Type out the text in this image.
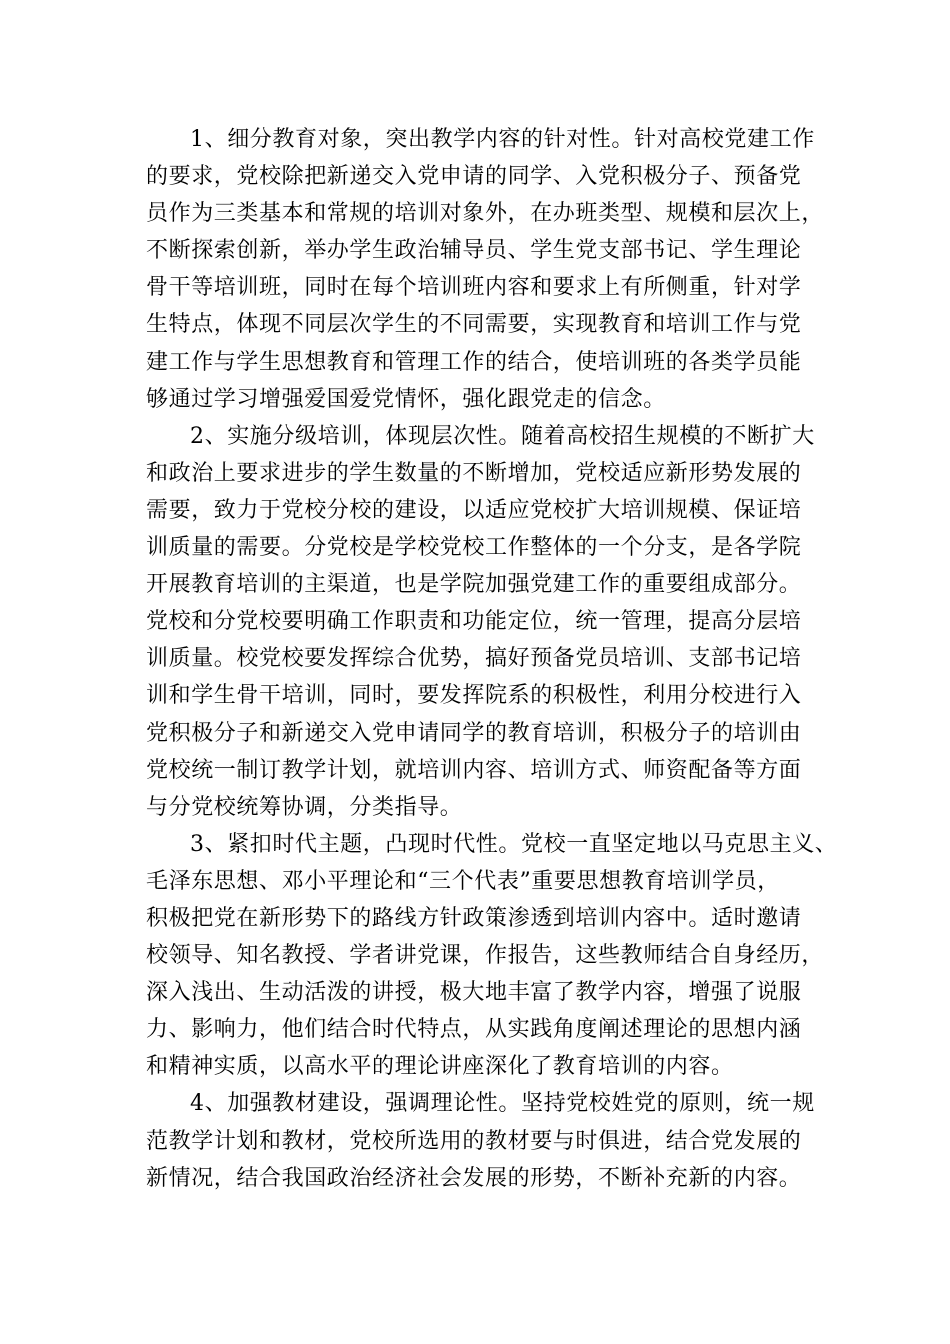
1、细分教育对象，突出教学内容的针对性。针对高校党建工作
的要求，党校除把新递交入党申请的同学、入党积极分子、预备党
员作为三类基本和常规的培训对象外，在办班类型、规模和层次上，
不断探索创新，举办学生政治辅导员、学生党支部书记、学生理论
骨干等培训班，同时在每个培训班内容和要求上有所侧重，针对学
生特点，体现不同层次学生的不同需要，实现教育和培训工作与党
建工作与学生思想教育和管理工作的结合，使培训班的各类学员能
够通过学习增强爱国爱党情怀，强化跟党走的信念。
2、实施分级培训，体现层次性。随着高校招生规模的不断扩大
和政治上要求进步的学生数量的不断增加，党校适应新形势发展的
需要，致力于党校分校的建设，以适应党校扩大培训规模、保证培
训质量的需要。分党校是学校党校工作整体的一个分支，是各学院
开展教育培训的主渠道，也是学院加强党建工作的重要组成部分。
党校和分党校要明确工作职责和功能定位，统一管理，提高分层培
训质量。校党校要发挥综合优势，搞好预备党员培训、支部书记培
训和学生骨干培训，同时，要发挥院系的积极性，利用分校进行入
党积极分子和新递交入党申请同学的教育培训，积极分子的培训由
党校统一制订教学计划，就培训内容、培训方式、师资配备等方面
与分党校统筹协调，分类指导。
3、紧扣时代主题，凸现时代性。党校一直坚定地以马克思主义、
毛泽东思想、邓小平理论和“三个代表”重要思想教育培训学员，
积极把党在新形势下的路线方针政策渗透到培训内容中。适时邀请
校领导、知名教授、学者讲党课，作报告，这些教师结合自身经历，
深入浅出、生动活泼的讲授，极大地丰富了教学内容，增强了说服
力、影响力，他们结合时代特点，从实践角度阐述理论的思想内涵
和精神实质，以高水平的理论讲座深化了教育培训的内容。
4、加强教材建设，强调理论性。坚持党校姓党的原则，统一规
范教学计划和教材，党校所选用的教材要与时俱进，结合党发展的
新情况，结合我国政治经济社会发展的形势，不断补充新的内容。
